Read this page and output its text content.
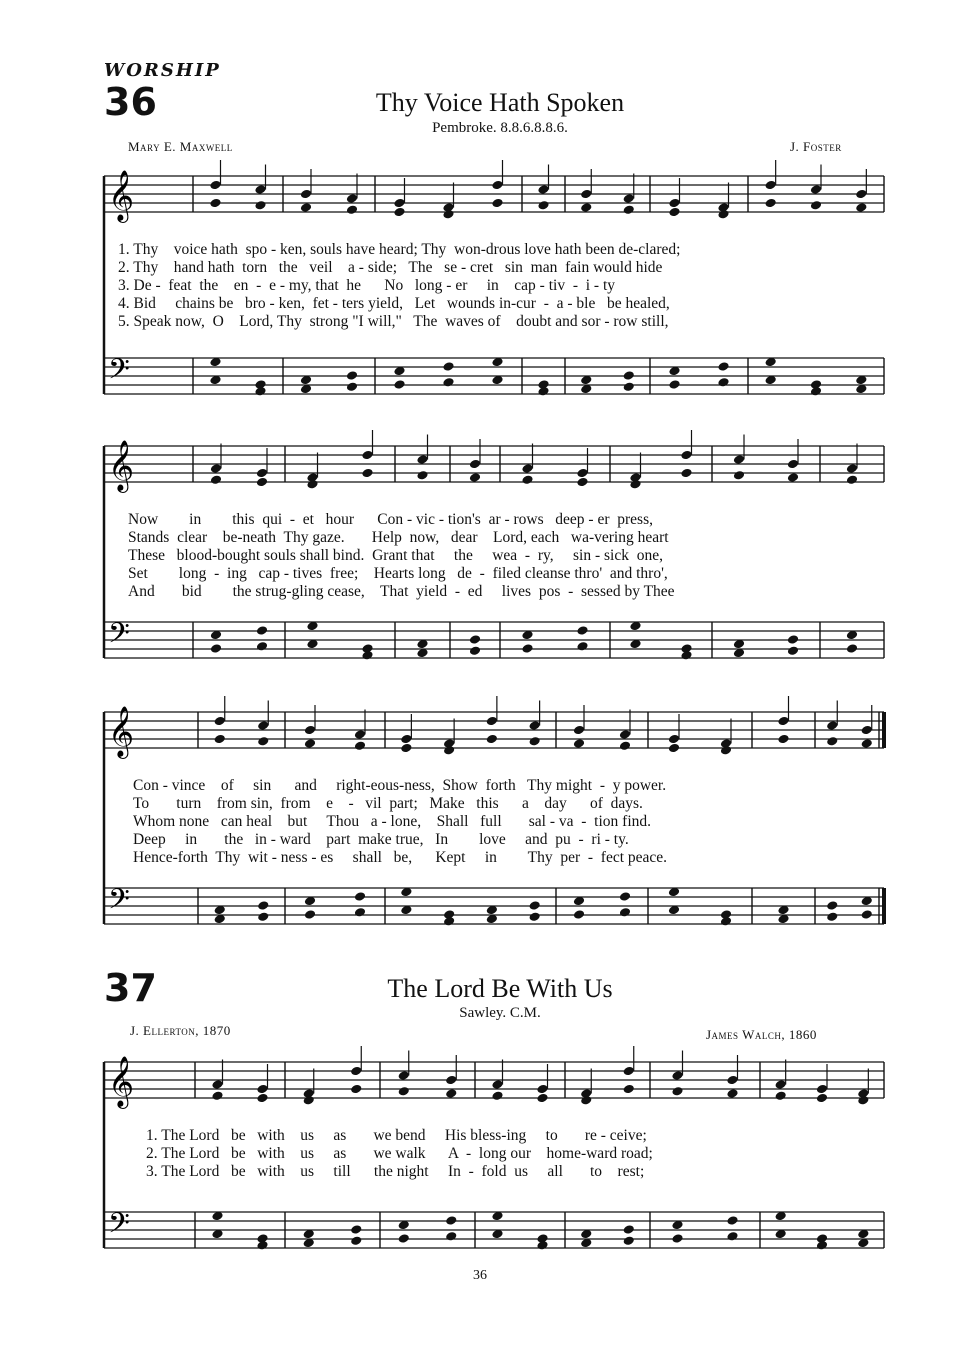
𝄞
𝄢
𝄞
𝄢
𝄞
𝄢
𝄞
𝄢
WORSHIP
36	Thy Voice Hath Spoken
Pembroke. 8.8.6.8.8.6.
Mary E. Maxwell	J. Foster
1. Thy    voice hath  spo - ken, souls have heard; Thy  won-drous love hath been de-clared;
2. Thy    hand hath  torn   the   veil    a - side;   The   se - cret   sin  man  fain would hide
3. De -  feat  the    en  -  e - my, that  he      No   long - er     in    cap - tiv  -  i - ty
4. Bid     chains be   bro - ken,  fet - ters yield,   Let   wounds in-cur  -  a - ble   be healed,
5. Speak now,  O    Lord, Thy  strong "I will,"   The  waves of    doubt and sor - row still,
Now        in        this  qui  -  et   hour      Con - vic - tion's  ar - rows   deep - er  press,
Stands  clear    be-neath  Thy gaze.       Help  now,   dear    Lord, each   wa-vering heart
These   blood-bought souls shall bind.  Grant that     the     wea  -  ry,     sin - sick  one,
Set        long  -  ing   cap - tives  free;    Hearts long   de  -  filed cleanse thro'  and thro',
And       bid        the strug-gling cease,    That  yield  -  ed     lives  pos  -  sessed by Thee
Con - vince    of     sin      and     right-eous-ness,  Show  forth   Thy might  -  y power.
To       turn    from sin,  from    e    -   vil  part;   Make   this      a    day      of  days.
Whom none   can heal    but     Thou   a - lone,    Shall   full       sal - va  -  tion find.
Deep     in       the   in - ward    part  make true,   In        love     and  pu  -  ri - ty.
Hence-forth  Thy  wit - ness - es     shall   be,      Kept     in        Thy  per  -  fect peace.
37	The Lord Be With Us
Sawley. C.M.
J. Ellerton, 1870	James Walch, 1860
1. The Lord   be   with    us     as       we bend     His bless-ing     to       re - ceive;
2. The Lord   be   with    us     as       we walk      A  -  long our    home-ward road;
3. The Lord   be   with    us     till      the night     In  -  fold  us     all       to    rest;
36
